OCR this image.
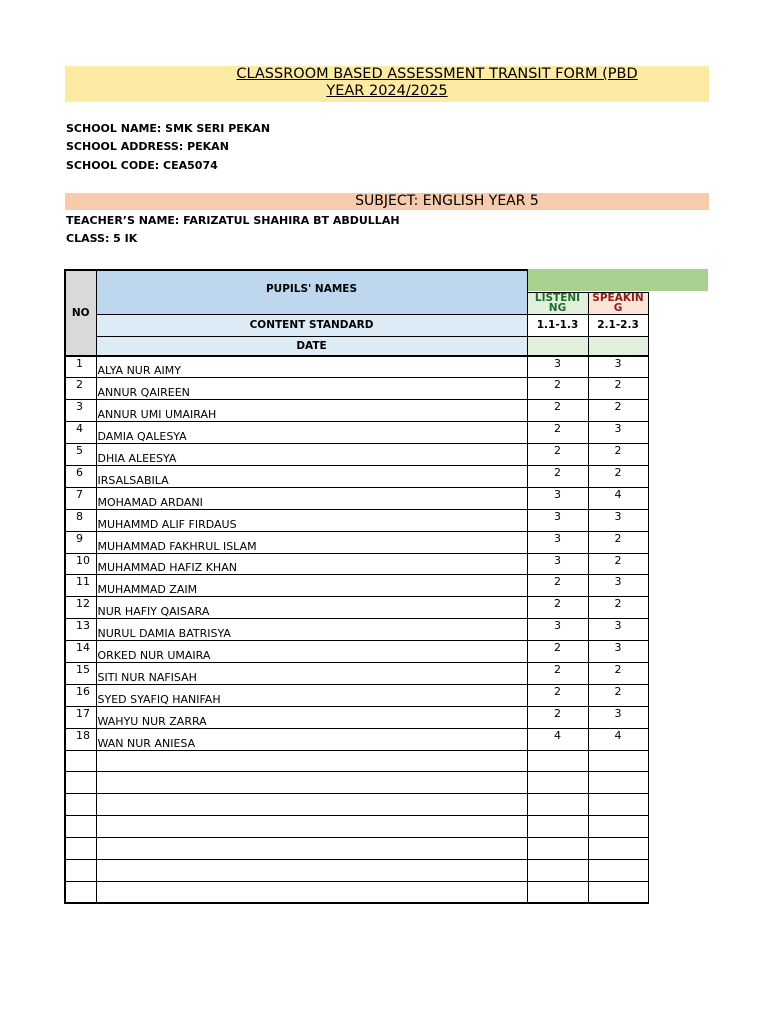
CLASSROOM BASED ASSESSMENT TRANSIT FORM (PBD
YEAR 2024/2025
SCHOOL NAME: SMK SERI PEKAN
SCHOOL ADDRESS: PEKAN
SCHOOL CODE: CEA5074
SUBJECT: ENGLISH YEAR 5
TEACHER’S NAME: FARIZATUL SHAHIRA BT ABDULLAH
CLASS: 5 IK
NO	PUPILS' NAMES		

		LISTENI NG	SPEAKIN G

	CONTENT STANDARD	1.1-1.3	2.1-2.3
	DATE		
1	ALYA NUR AIMY	3	3
2	ANNUR QAIREEN	2	2
3	ANNUR UMI UMAIRAH	2	2
4	DAMIA QALESYA	2	3
5	DHIA ALEESYA	2	2
6	IRSALSABILA	2	2
7	MOHAMAD ARDANI	3	4
8	MUHAMMD ALIF FIRDAUS	3	3
9	MUHAMMAD FAKHRUL ISLAM	3	2
10	MUHAMMAD HAFIZ KHAN	3	2
11	MUHAMMAD ZAIM	2	3
12	NUR HAFIY QAISARA	2	2
13	NURUL DAMIA BATRISYA	3	3
14	ORKED NUR UMAIRA	2	3
15	SITI NUR NAFISAH	2	2
16	SYED SYAFIQ HANIFAH	2	2
17	WAHYU NUR ZARRA	2	3
18	WAN NUR ANIESA	4	4
